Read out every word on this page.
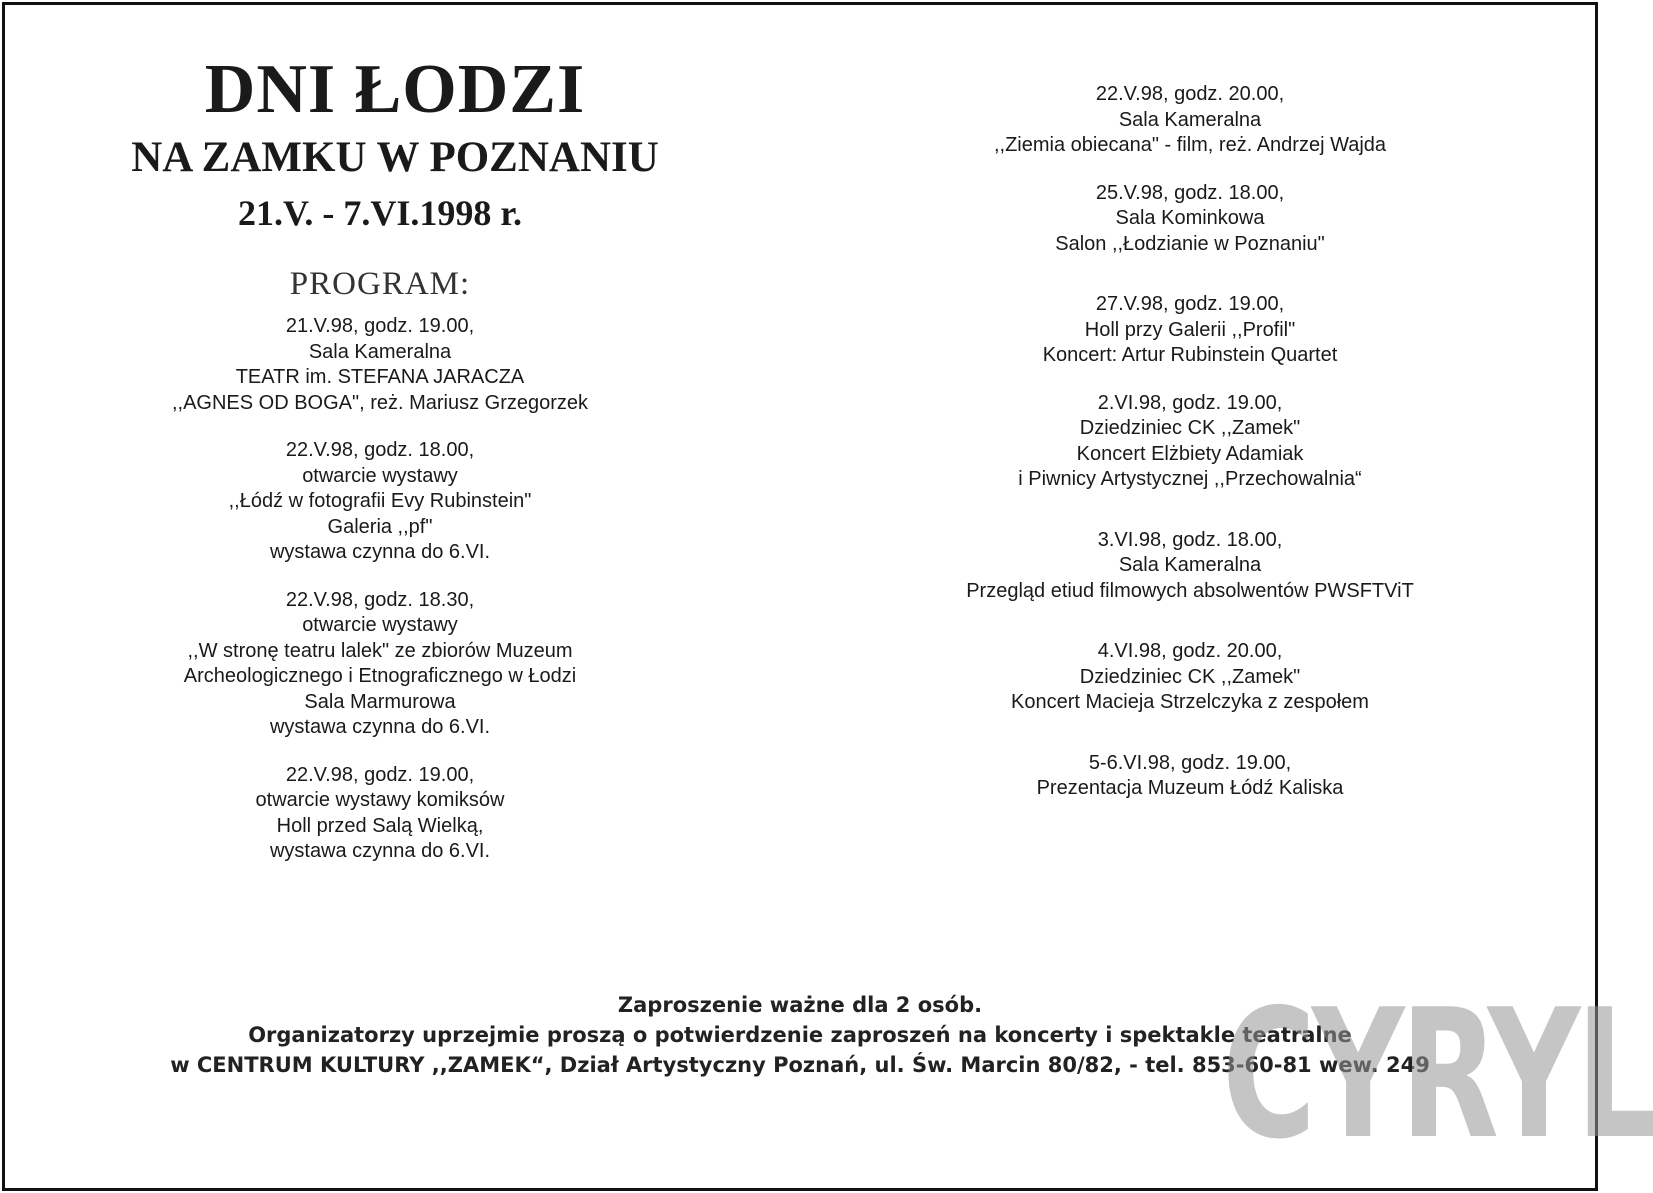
DNI ŁODZI
NA ZAMKU W POZNANIU
21.V. - 7.VI.1998 r.
PROGRAM:
21.V.98, godz. 19.00,
Sala Kameralna
TEATR im. STEFANA JARACZA
,,AGNES OD BOGA", reż. Mariusz Grzegorzek
22.V.98, godz. 18.00,
otwarcie wystawy
,,Łódź w fotografii Evy Rubinstein"
Galeria ,,pf"
wystawa czynna do 6.VI.
22.V.98, godz. 18.30,
otwarcie wystawy
,,W stronę teatru lalek" ze zbiorów Muzeum
Archeologicznego i Etnograficznego w Łodzi
Sala Marmurowa
wystawa czynna do 6.VI.
22.V.98, godz. 19.00,
otwarcie wystawy komiksów
Holl przed Salą Wielką,
wystawa czynna do 6.VI.
22.V.98, godz. 20.00,
Sala Kameralna
,,Ziemia obiecana" - film, reż. Andrzej Wajda
25.V.98, godz. 18.00,
Sala Kominkowa
Salon ,,Łodzianie w Poznaniu"
27.V.98, godz. 19.00,
Holl przy Galerii ,,Profil"
Koncert: Artur Rubinstein Quartet
2.VI.98, godz. 19.00,
Dziedziniec CK ,,Zamek"
Koncert Elżbiety Adamiak
i Piwnicy Artystycznej ,,Przechowalnia“
3.VI.98, godz. 18.00,
Sala Kameralna
Przegląd etiud filmowych absolwentów PWSFTViT
4.VI.98, godz. 20.00,
Dziedziniec CK ,,Zamek"
Koncert Macieja Strzelczyka z zespołem
5-6.VI.98, godz. 19.00,
Prezentacja Muzeum Łódź Kaliska
Zaproszenie ważne dla 2 osób.
Organizatorzy uprzejmie proszą o potwierdzenie zaproszeń na koncerty i spektakle teatralne
w CENTRUM KULTURY ,,ZAMEK“, Dział Artystyczny Poznań, ul. Św. Marcin 80/82, - tel. 853-60-81 wew. 249
CYRYL
